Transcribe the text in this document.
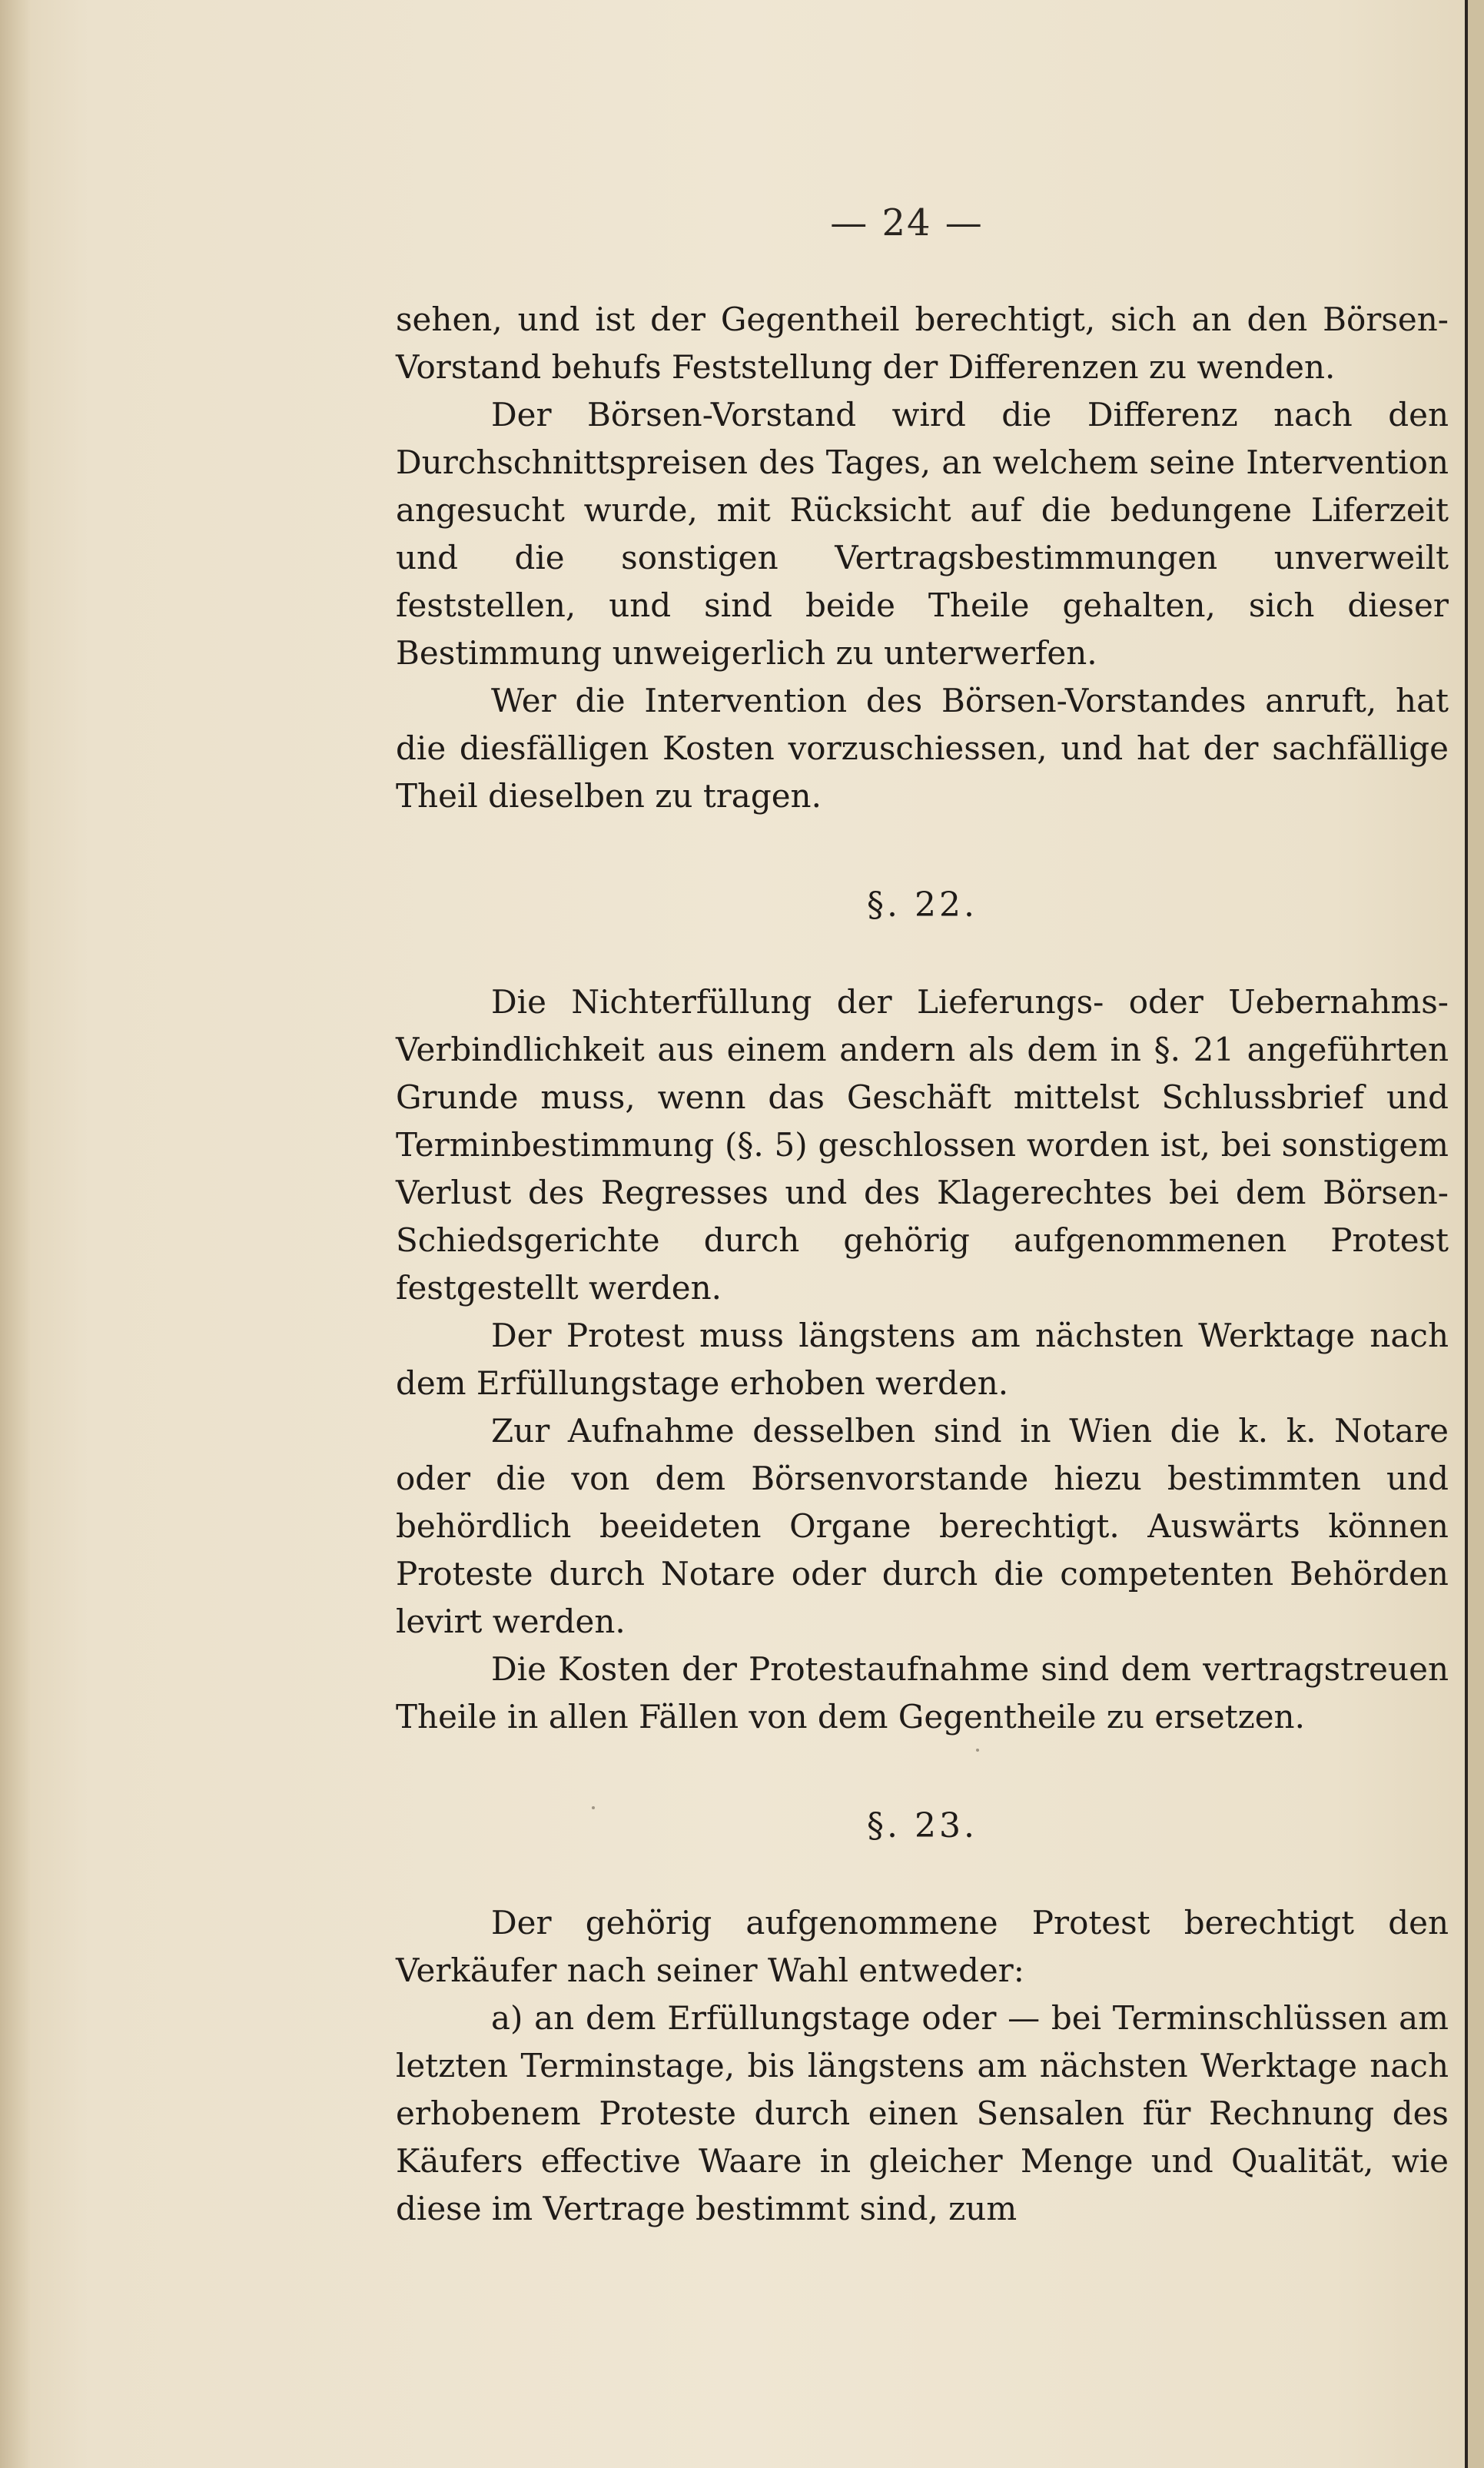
— 24 —

sehen, und ist der Gegentheil berechtigt, sich an den Börsen-Vorstand behufs Feststellung der Differenzen zu wenden.

Der Börsen-Vorstand wird die Differenz nach den Durchschnittspreisen des Tages, an welchem seine Intervention angesucht wurde, mit Rücksicht auf die bedungene Liferzeit und die sonstigen Vertragsbestimmungen unverweilt feststellen, und sind beide Theile gehalten, sich dieser Bestimmung unweigerlich zu unterwerfen.

Wer die Intervention des Börsen-Vorstandes anruft, hat die diesfälligen Kosten vorzuschiessen, und hat der sachfällige Theil dieselben zu tragen.

§. 22.

Die Nichterfüllung der Lieferungs- oder Uebernahms-Verbindlichkeit aus einem andern als dem in §. 21 angeführten Grunde muss, wenn das Geschäft mittelst Schlussbrief und Terminbestimmung (§. 5) geschlossen worden ist, bei sonstigem Verlust des Regresses und des Klagerechtes bei dem Börsen-Schiedsgerichte durch gehörig aufgenommenen Protest festgestellt werden.

Der Protest muss längstens am nächsten Werktage nach dem Erfüllungstage erhoben werden.

Zur Aufnahme desselben sind in Wien die k. k. Notare oder die von dem Börsenvorstande hiezu bestimmten und behördlich beeideten Organe berechtigt. Auswärts können Proteste durch Notare oder durch die competenten Behörden levirt werden.

Die Kosten der Protestaufnahme sind dem vertragstreuen Theile in allen Fällen von dem Gegentheile zu ersetzen.

§. 23.

Der gehörig aufgenommene Protest berechtigt den Verkäufer nach seiner Wahl entweder:

a) an dem Erfüllungstage oder — bei Terminschlüssen am letzten Terminstage, bis längstens am nächsten Werktage nach erhobenem Proteste durch einen Sensalen für Rechnung des Käufers effective Waare in gleicher Menge und Qualität, wie diese im Vertrage bestimmt sind, zum
